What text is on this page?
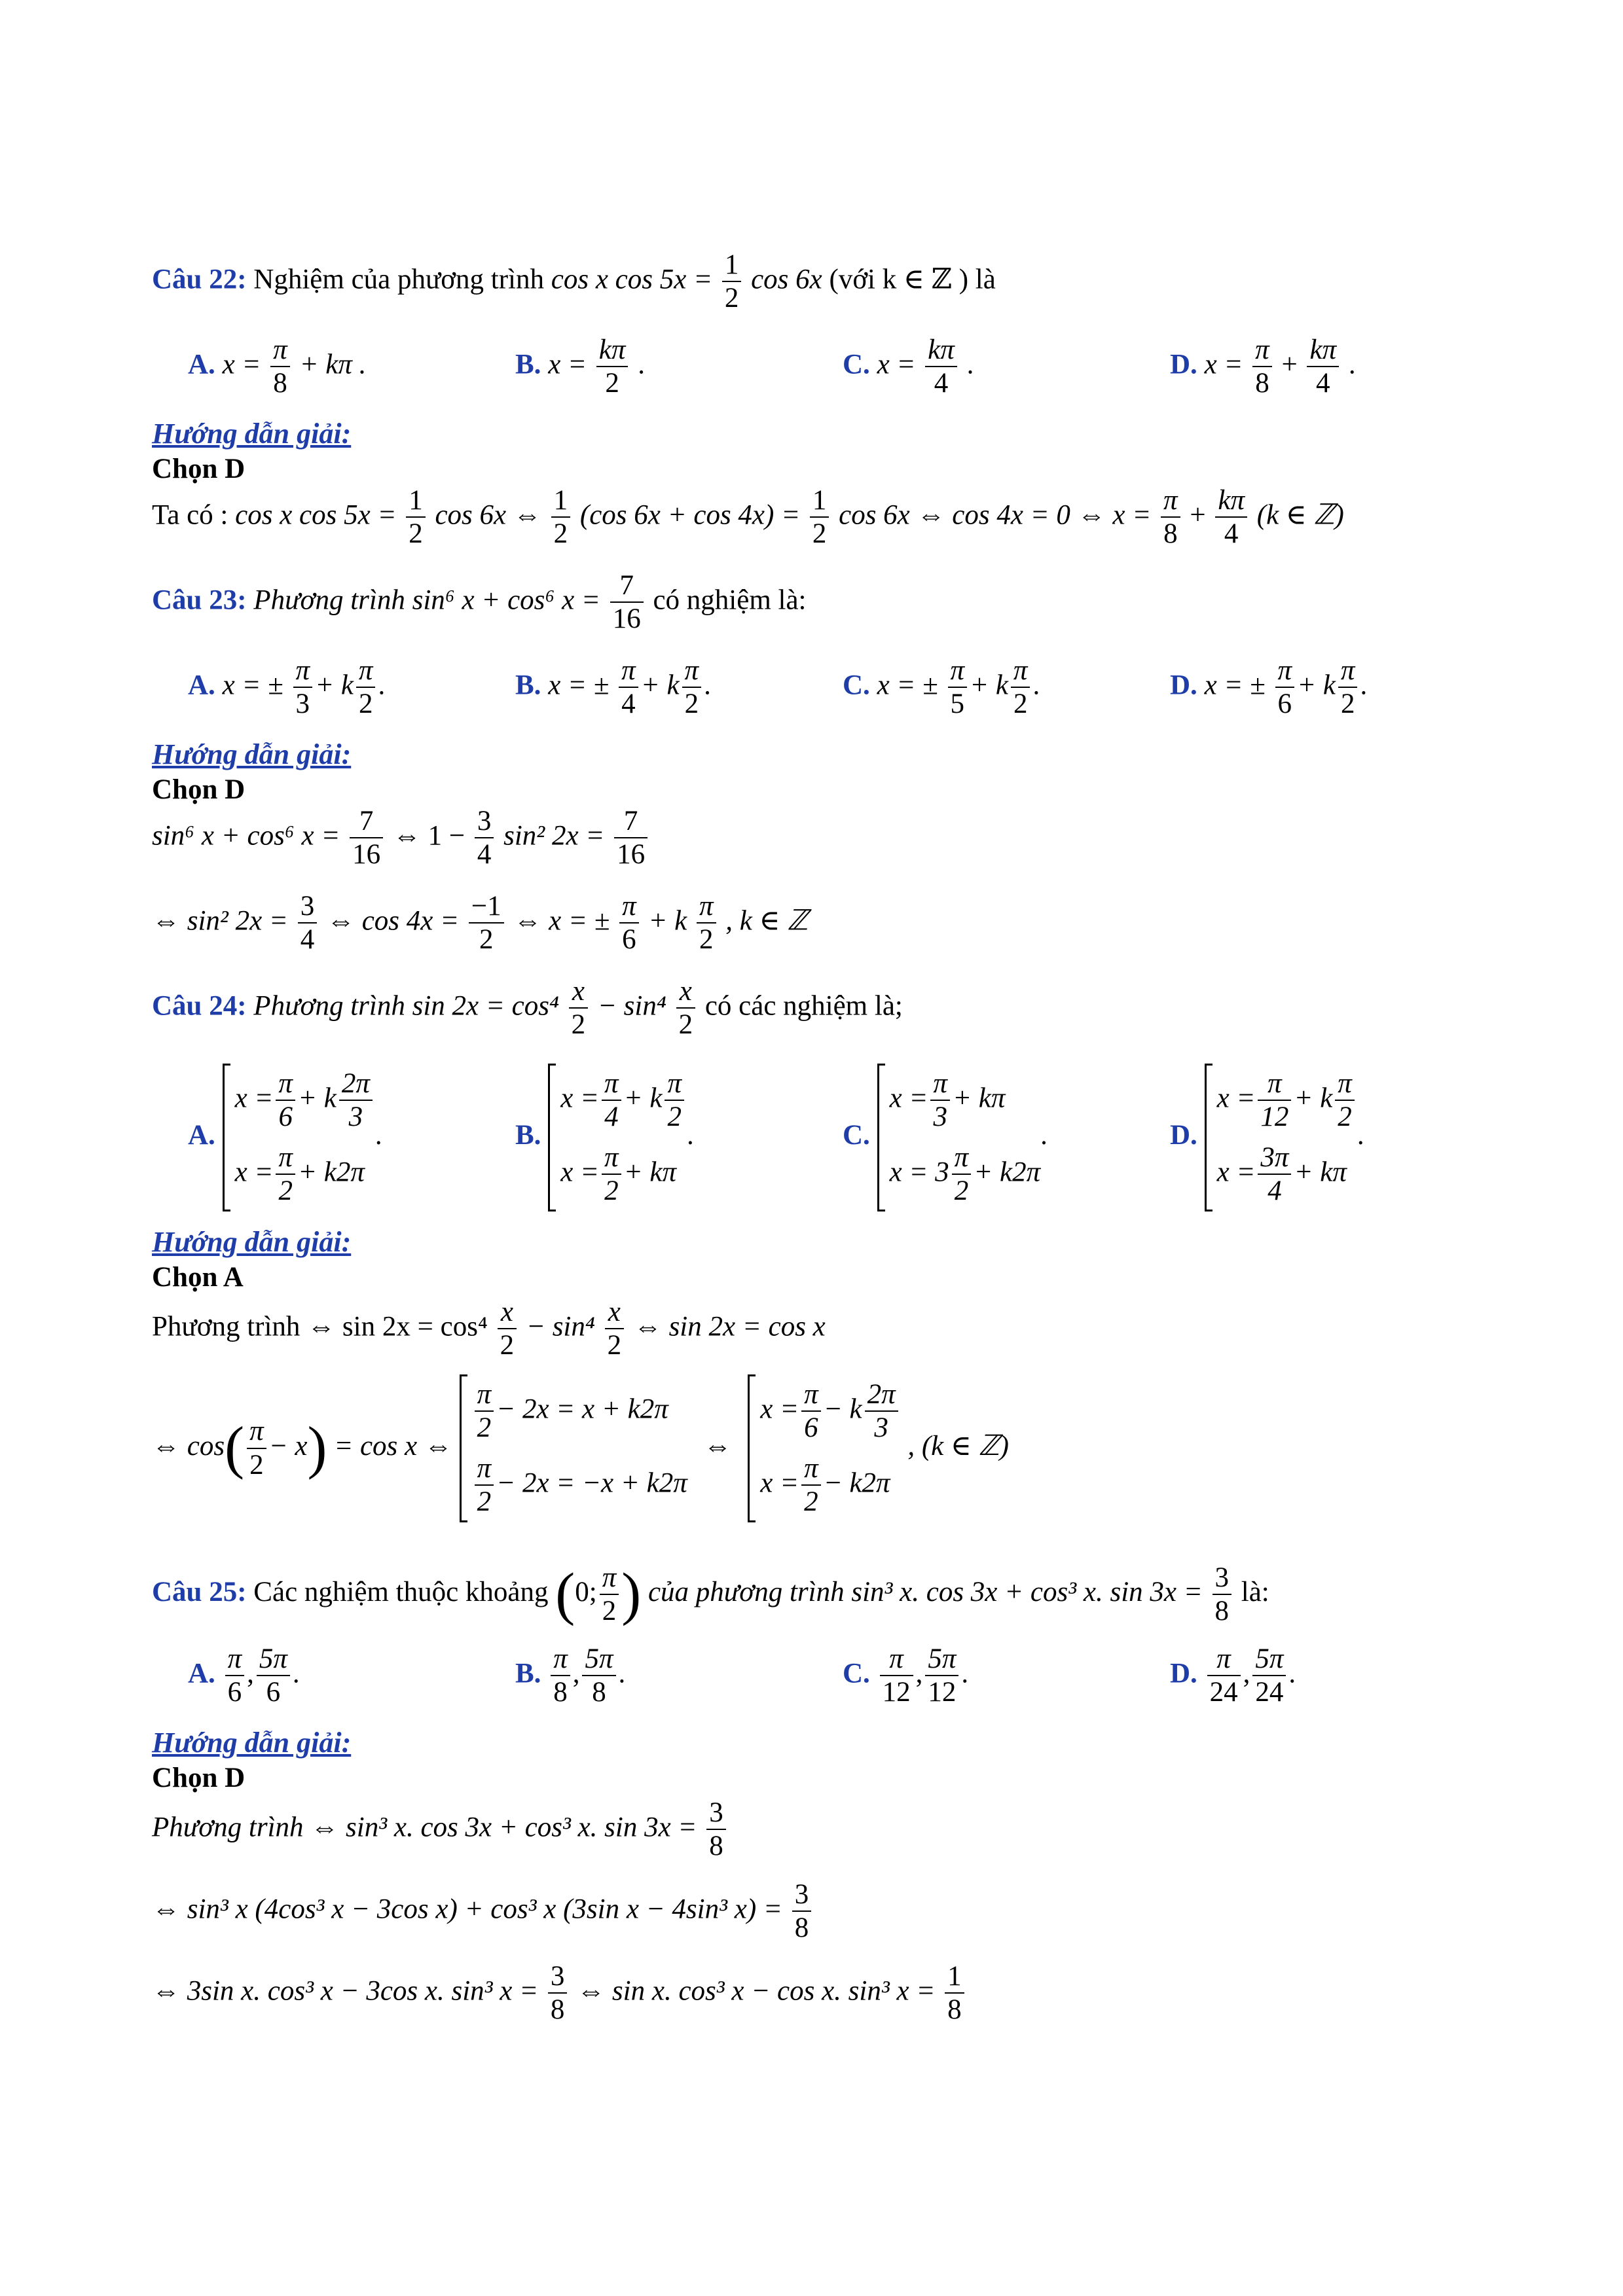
Câu 22: Nghiệm của phương trình cos x $\cos 5x = \frac{1}{2}$ cos 6x (với k ∈ ℤ ) là
A. $x = \frac{\pi}{8} + k\pi$ .	B. $x = \frac{k\pi}{2}$ .	C. $x = \frac{k\pi}{4}$ .	D. $x = \frac{\pi}{8} + \frac{k\pi}{4}$ .
Hướng dẫn giải:
Chọn D
Ta có : cos x $\cos 5x = \frac{1}{2}$ cos 6x ⇔ $\frac{1}{2} (\cos$ $6x + \cos 4x) = \frac{1}{2}$ cos 6x ⇔ cos 4x = 0 ⇔ $x = \frac{\pi}{8} + \frac{k\pi}{4} (k$ ∈ ℤ)
Câu 23: Phương trình sin⁶ x + cos⁶ $x = \frac{7}{16}$ có nghiệm là:
A. x = ± $\frac{\pi}{3} + k \frac{\pi}{2}$ .	B. x = ± $\frac{\pi}{4} + k \frac{\pi}{2}$ .	C. x = ± $\frac{\pi}{5} + k \frac{\pi}{2}$ .	D. x = ± $\frac{\pi}{6} + k \frac{\pi}{2}$ .
Hướng dẫn giải:
Chọn D
sin⁶ x + cos⁶ $x = \frac{7}{16}$ ⇔ $1 - \frac{3}{4} \sin^2$ $2x = \frac{7}{16}$
⇔ sin² $2x = \frac{3}{4}$ ⇔ $\cos 4x = \frac{-1}{2}$ ⇔ x = ± $\frac{\pi}{6} + k \frac{\pi}{2}$ , k ∈ ℤ
Câu 24: Phương trình $\sin 2x = \cos^4 \frac{x}{2} - \sin^4 \frac{x}{2}$ có các nghiệm là;
A.
$x = \frac{\pi}{6} + k \frac{2\pi}{3}$
$x = \frac{\pi}{2} + k2\pi$
.	B.
$x = \frac{\pi}{4} + k \frac{\pi}{2}$
$x = \frac{\pi}{2} + k\pi$
.	C.
$x = \frac{\pi}{3} + k\pi$
$x = 3 \frac{\pi}{2} + k2\pi$
.	D.
$x = \frac{\pi}{12} + k \frac{\pi}{2}$
$x = \frac{3\pi}{4} + k\pi$
.
Hướng dẫn giải:
Chọn A
Phương trình ⇔ $\sin 2x = \cos^4 \frac{x}{2} - \sin^4 \frac{x}{2}$ ⇔ sin 2x = cos x
⇔ $\cos( \frac{\pi}{2} - x) = \cos x$ ⇔
$\frac{\pi}{2} - 2x = x + k2\pi$
$\frac{\pi}{2} - 2x = -x + k2\pi$
⇔
$x = \frac{\pi}{6} - k \frac{2\pi}{3}$
$x = \frac{\pi}{2} - k2\pi$
, (k ∈ ℤ)
Câu 25: Các nghiệm thuộc khoảng (0; $\frac{\pi}{2}$ ) của phương trình sin³ x. cos 3x + cos³ x. $\sin 3x = \frac{3}{8}$ là:
A. $\frac{\pi}{6}$ , $\frac{5\pi}{6}$ .	B. $\frac{\pi}{8}$ , $\frac{5\pi}{8}$ .	C. $\frac{\pi}{12}$ , $\frac{5\pi}{12}$ .	D. $\frac{\pi}{24}$ , $\frac{5\pi}{24}$ .
Hướng dẫn giải:
Chọn D
Phương trình ⇔ sin³ x. cos 3x + cos³ x. $\sin 3x = \frac{3}{8}$
⇔ sin³ x (4cos³ x − 3cos x) + cos³ x (3sin x − 4sin³ $x) = \frac{3}{8}$
⇔ 3sin x. cos³ x − 3cos x. sin³ $x = \frac{3}{8}$ ⇔ sin x. cos³ x − cos x. sin³ $x = \frac{1}{8}$
